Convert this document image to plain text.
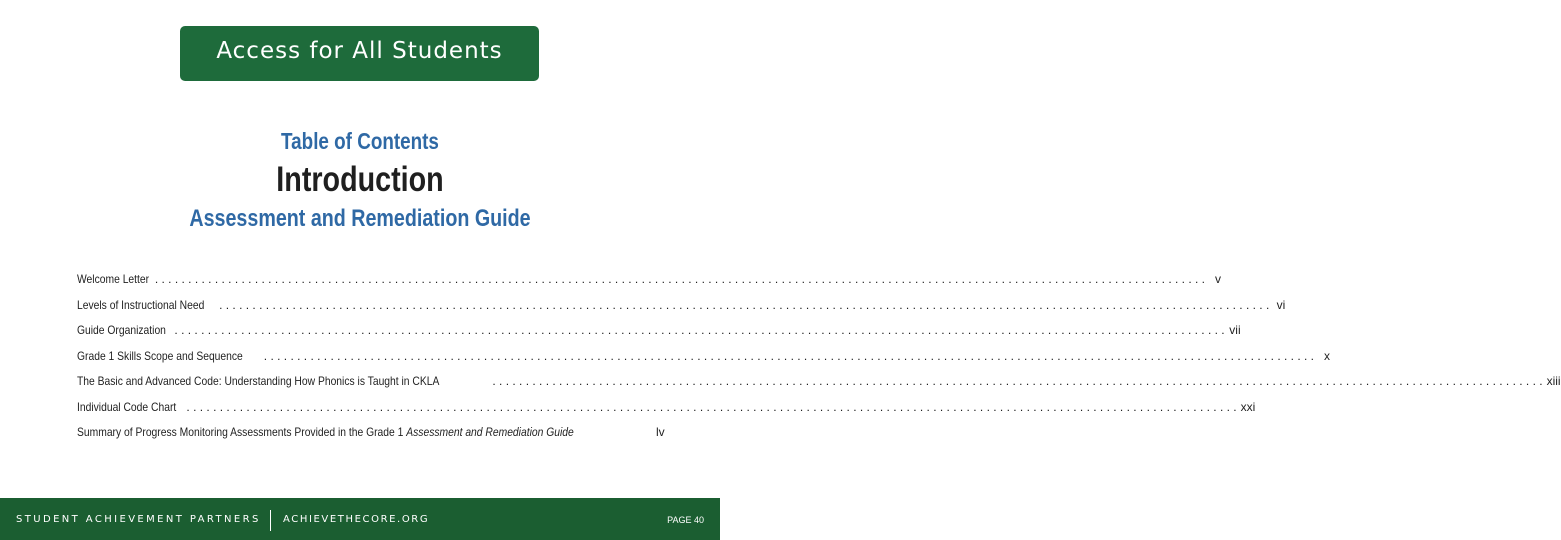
Access for All Students
Table of Contents
Introduction
Assessment and Remediation Guide
Welcome Letter . . .	v
Levels of Instructional Need . . .	vi
Guide Organization . . .	vii
Grade 1 Skills Scope and Sequence . . .	x
The Basic and Advanced Code: Understanding How Phonics is Taught in CKLA . . .	xiii
Individual Code Chart . . .	xxi
Summary of Progress Monitoring Assessments Provided in the Grade 1 Assessment and Remediation Guide	lv
STUDENT ACHIEVEMENT PARTNERS ACHIEVETHECORE.ORG	PAGE 40
